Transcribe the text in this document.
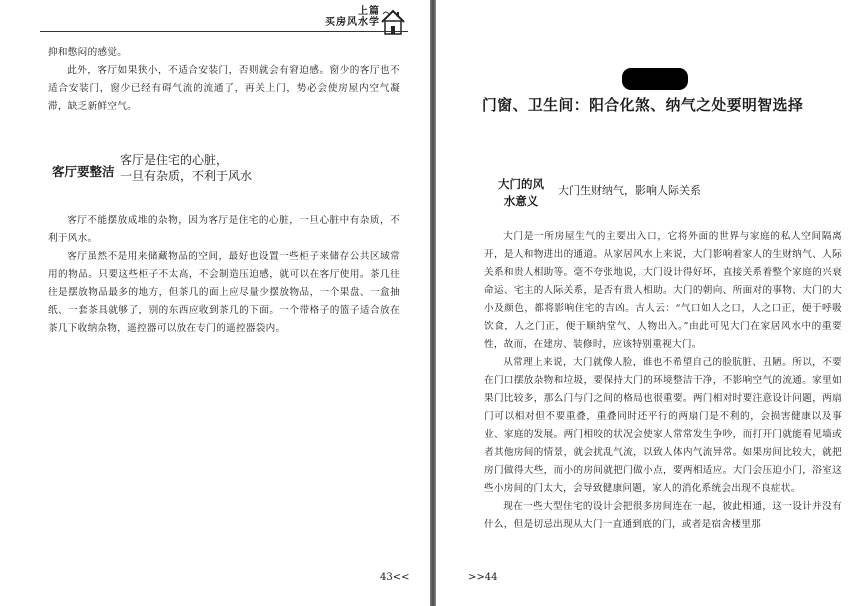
上篇
买房风水学

抑和憋闷的感觉。

此外，客厅如果狭小，不适合安装门，否则就会有窘迫感。窗少的客厅也不适合安装门，窗少已经有碍气流的流通了，再关上门，势必会使房屋内空气凝滞，缺乏新鲜空气。

客厅要整洁
客厅是住宅的心脏，
一旦有杂质，不利于风水

客厅不能摆放成堆的杂物，因为客厅是住宅的心脏，一旦心脏中有杂质，不利于风水。

客厅虽然不是用来储藏物品的空间，最好也设置一些柜子来储存公共区域常用的物品。只要这些柜子不太高，不会制造压迫感，就可以在客厅使用。茶几往往是摆放物品最多的地方，但茶几的面上应尽量少摆放物品，一个果盘、一盒抽纸、一套茶具就够了，别的东西应收到茶几的下面。一个带格子的篮子适合放在茶几下收纳杂物，遥控器可以放在专门的遥控器袋内。

43<<
门窗、卫生间：阳合化煞、纳气之处要明智选择
大门的风
水意义
大门生财纳气，影响人际关系

大门是一所房屋生气的主要出入口，它将外面的世界与家庭的私人空间隔离开，是人和物进出的通道。从家居风水上来说，大门影响着家人的生财纳气、人际关系和贵人相助等。毫不夸张地说，大门设计得好坏，直接关系着整个家庭的兴衰命运、宅主的人际关系，是否有贵人相助。大门的朝向、所面对的事物、大门的大小及颜色，都将影响住宅的吉凶。古人云：“气口如人之口，人之口正，便于呼吸饮食，人之门正，便于顺纳堂气、人物出入。”由此可见大门在家居风水中的重要性，故而，在建房、装修时，应该特别重视大门。

从常理上来说，大门就像人脸，谁也不希望自己的脸肮脏、丑陋。所以，不要在门口摆放杂物和垃圾，要保持大门的环境整洁干净，不影响空气的流通。家里如果门比较多，那么门与门之间的格局也很重要。两门相对时要注意设计问题，两扇门可以相对但不要重叠，重叠同时还平行的两扇门是不利的，会损害健康以及事业、家庭的发展。两门相咬的状况会使家人常常发生争吵，而打开门就能看见墙或者其他房间的情景，就会扰乱气流，以致人体内气流异常。如果房间比较大，就把房门做得大些，而小的房间就把门做小点，要两相适应。大门会压迫小门，浴室这些小房间的门太大，会导致健康问题，家人的消化系统会出现不良症状。

现在一些大型住宅的设计会把很多房间连在一起，彼此相通，这一设计并没有什么，但是切忌出现从大门一直通到底的门，或者是宿舍楼里那

>>44
